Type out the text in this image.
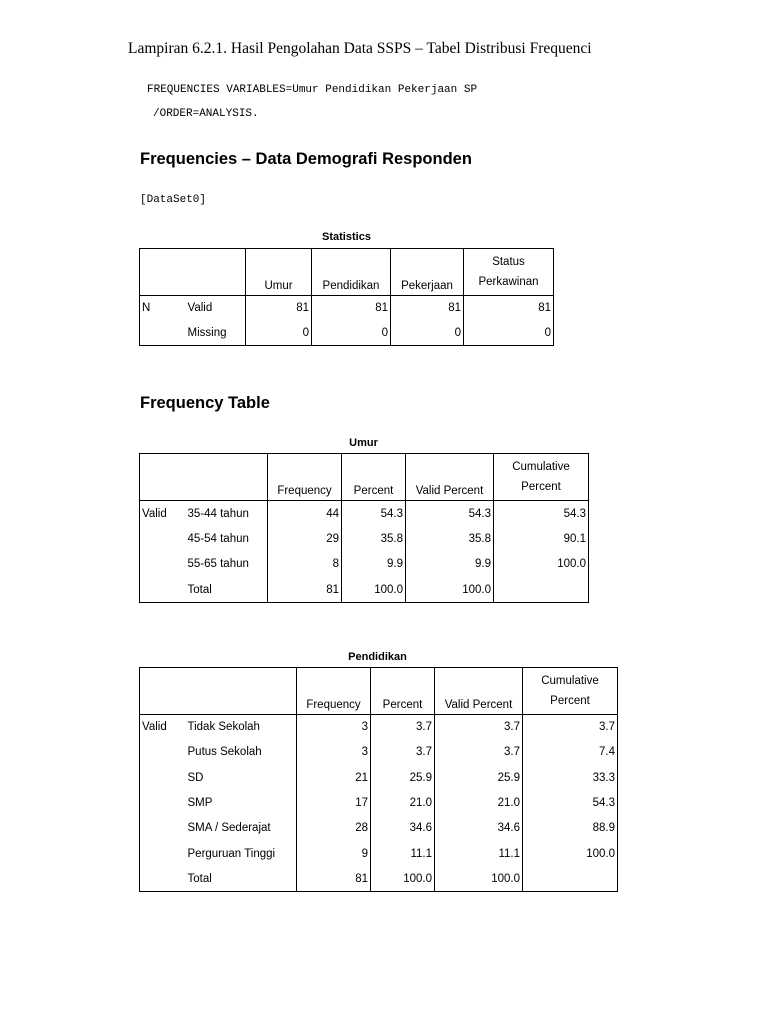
Lampiran 6.2.1. Hasil Pengolahan Data SSPS – Tabel Distribusi Frequenci
FREQUENCIES VARIABLES=Umur Pendidikan Pekerjaan SP
/ORDER=ANALYSIS.
Frequencies – Data Demografi Responden
[DataSet0]
Statistics
		Umur	Pendidikan	Pekerjaan	Status
Perkawinan

N	Valid	81	81	81	81
	Missing	0	0	0	0
Frequency Table
Umur
		Frequency	Percent	Valid Percent	Cumulative
Percent

Valid	35-44 tahun	44	54.3	54.3	54.3
	45-54 tahun	29	35.8	35.8	90.1
	55-65 tahun	8	9.9	9.9	100.0
	Total	81	100.0	100.0	
Pendidikan
		Frequency	Percent	Valid Percent	Cumulative
Percent

Valid	Tidak Sekolah	3	3.7	3.7	3.7
	Putus Sekolah	3	3.7	3.7	7.4
	SD	21	25.9	25.9	33.3
	SMP	17	21.0	21.0	54.3
	SMA / Sederajat	28	34.6	34.6	88.9
	Perguruan Tinggi	9	11.1	11.1	100.0
	Total	81	100.0	100.0	
